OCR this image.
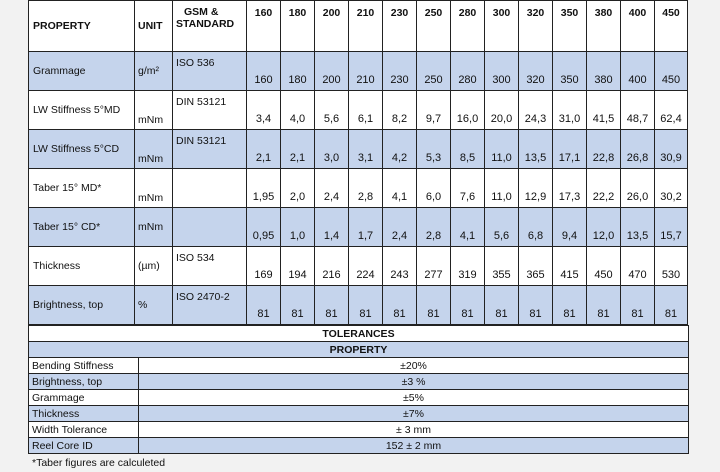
PROPERTY	UNIT	GSM &
STANDARD	160	180	200	210	230	250	280	300	320	350	380	400	450
Grammage	g/m²	ISO 536	160	180	200	210	230	250	280	300	320	350	380	400	450
LW Stiffness 5°MD	mNm	DIN 53121	3,4	4,0	5,6	6,1	8,2	9,7	16,0	20,0	24,3	31,0	41,5	48,7	62,4
LW Stiffness 5°CD	mNm	DIN 53121	2,1	2,1	3,0	3,1	4,2	5,3	8,5	11,0	13,5	17,1	22,8	26,8	30,9
Taber 15° MD*	mNm		1,95	2,0	2,4	2,8	4,1	6,0	7,6	11,0	12,9	17,3	22,2	26,0	30,2
Taber 15° CD*	mNm		0,95	1,0	1,4	1,7	2,4	2,8	4,1	5,6	6,8	9,4	12,0	13,5	15,7
Thickness	(µm)	ISO 534	169	194	216	224	243	277	319	355	365	415	450	470	530
Brightness, top	%	ISO 2470-2	81	81	81	81	81	81	81	81	81	81	81	81	81
TOLERANCES	
PROPERTY	
Bending Stiffness	±20%
Brightness, top	±3 %
Grammage	±5%
Thickness	±7%
Width Tolerance	± 3 mm
Reel Core ID	152 ± 2 mm
*Taber figures are calculeted
